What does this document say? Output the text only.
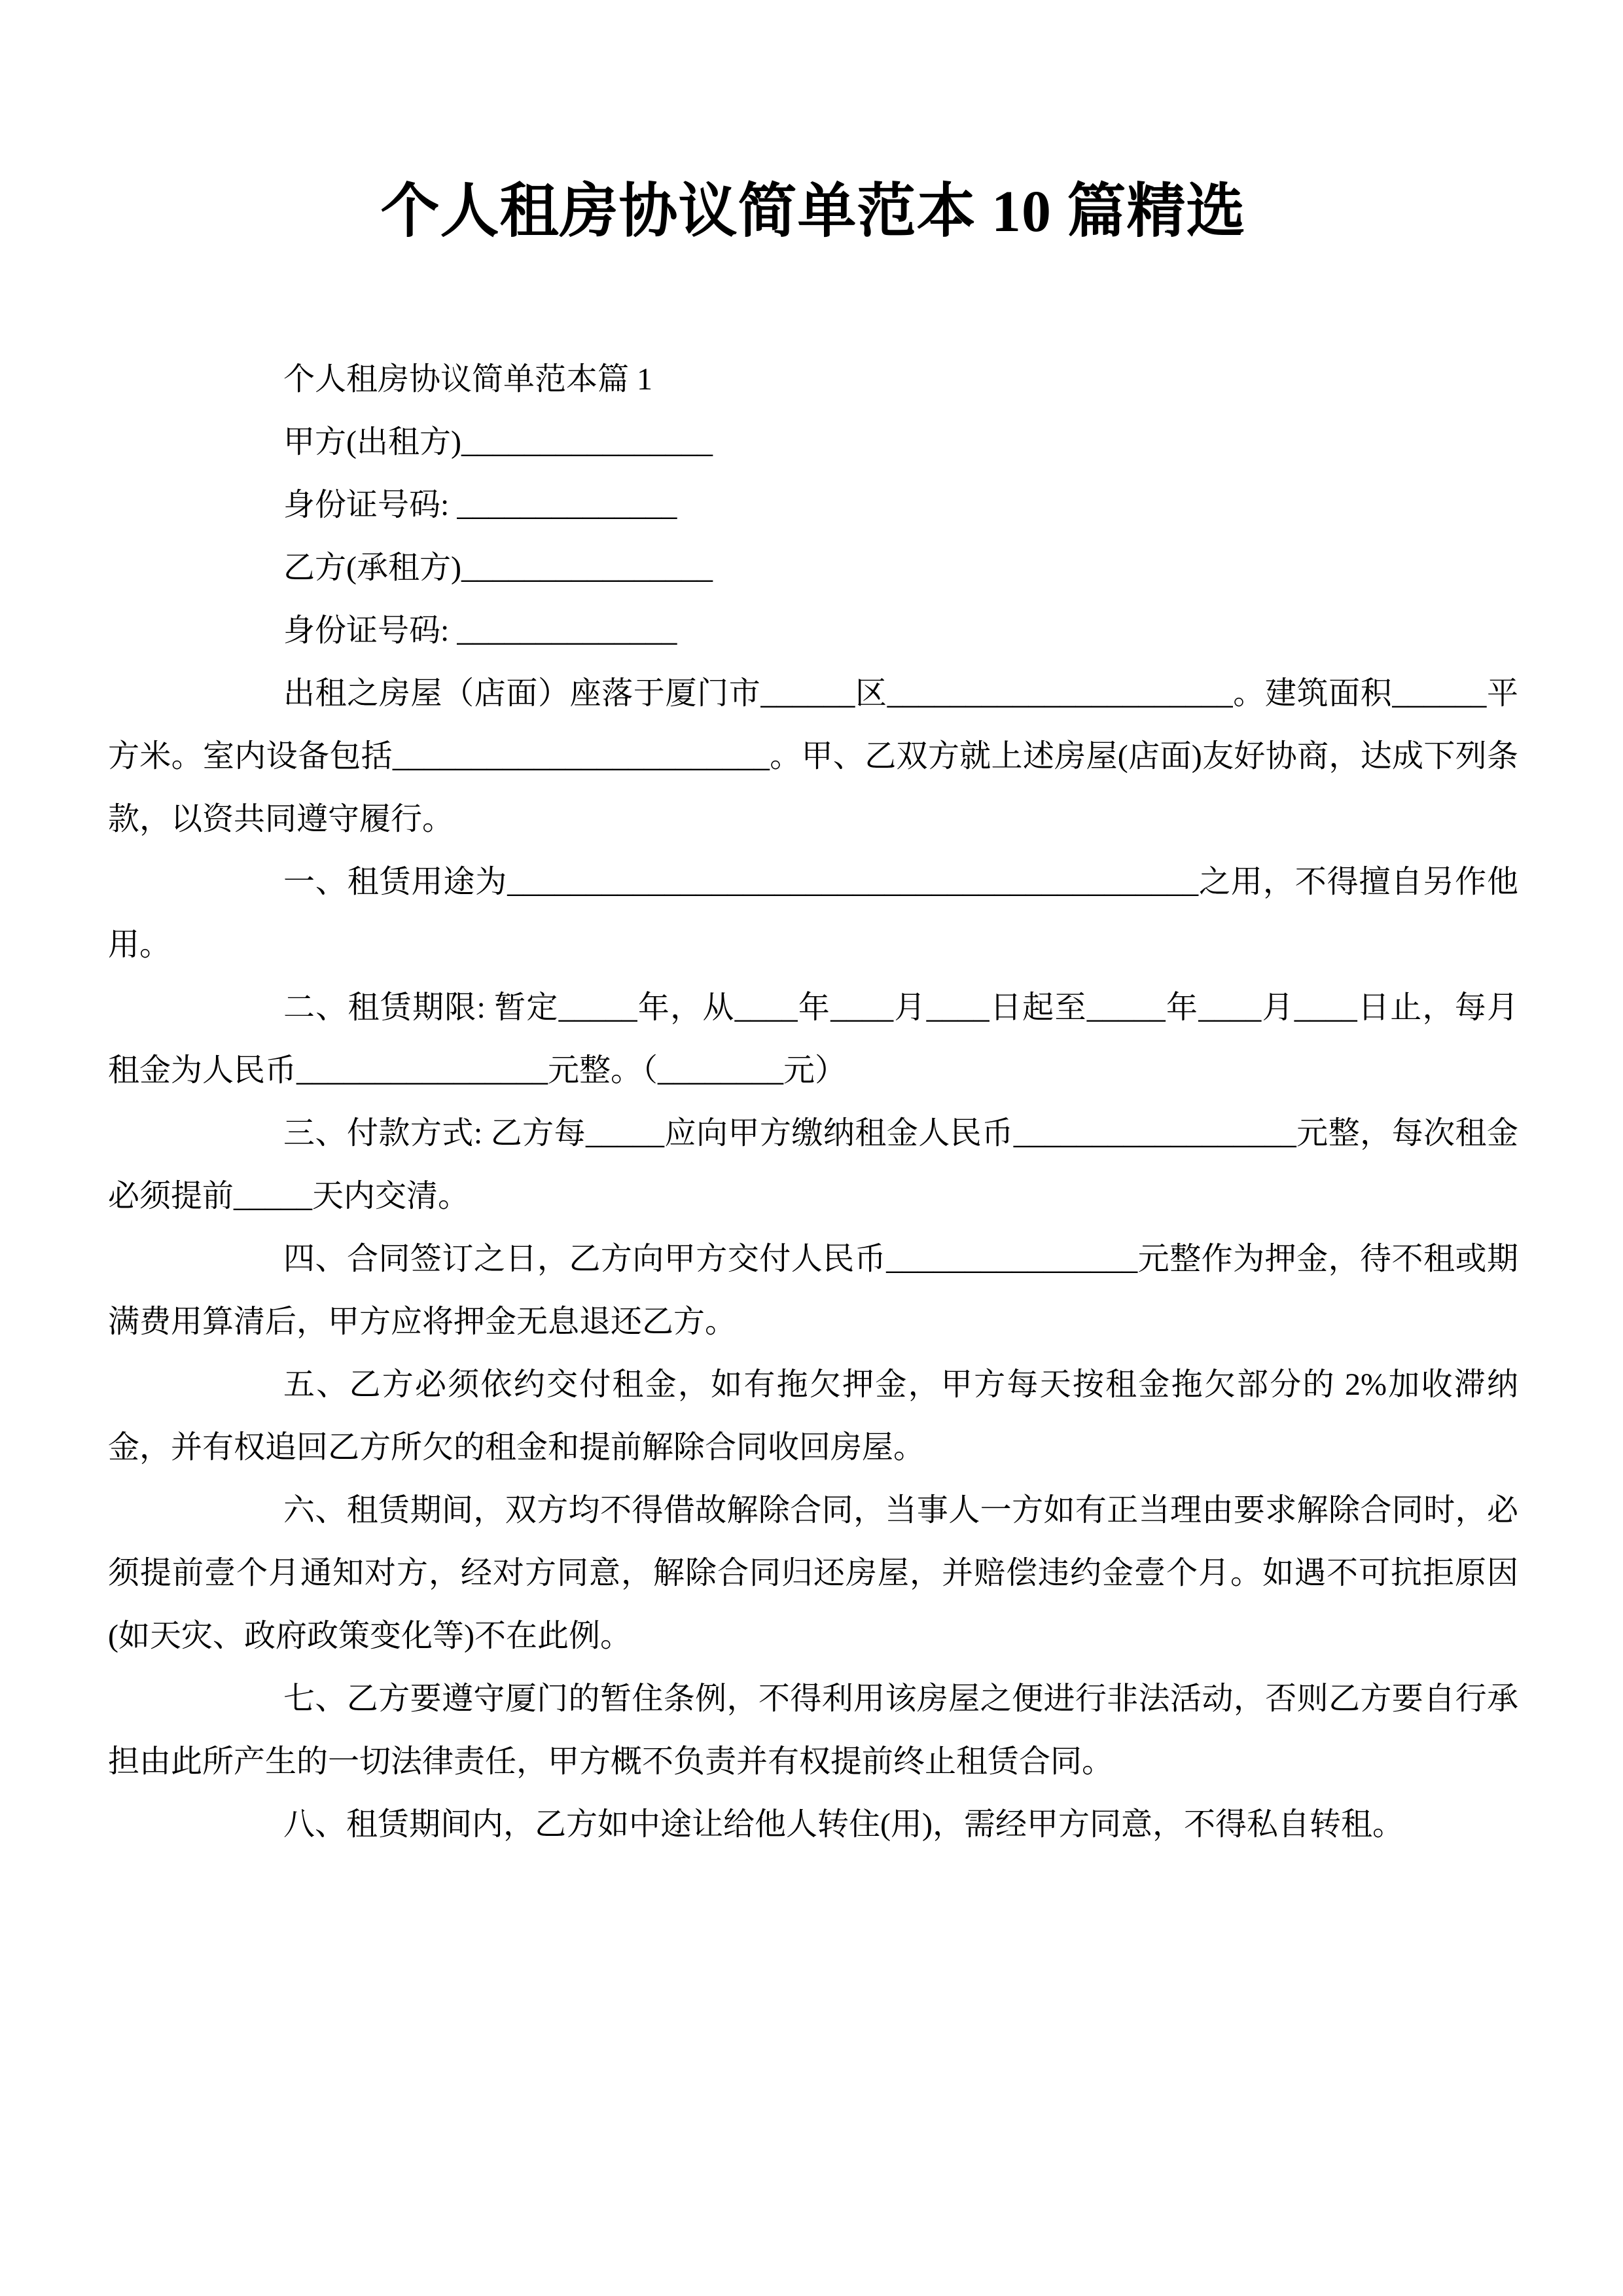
个人租房协议简单范本 10 篇精选

个人租房协议简单范本篇 1

甲方(出租方)________________

身份证号码: ______________

乙方(承租方)________________

身份证号码: ______________

出租之房屋（店面）座落于厦门市______区______________________。建筑面积______平方米。室内设备包括________________________。甲、乙双方就上述房屋(店面)友好协商，达成下列条款，以资共同遵守履行。

一、租赁用途为____________________________________________之用，不得擅自另作他用。

二、租赁期限: 暂定_____年，从____年____月____日起至_____年____月____日止，每月租金为人民币________________元整。（________元）

三、付款方式: 乙方每_____应向甲方缴纳租金人民币__________________元整，每次租金必须提前_____天内交清。

四、合同签订之日，乙方向甲方交付人民币________________元整作为押金，待不租或期满费用算清后，甲方应将押金无息退还乙方。

五、乙方必须依约交付租金，如有拖欠押金，甲方每天按租金拖欠部分的 2%加收滞纳金，并有权追回乙方所欠的租金和提前解除合同收回房屋。

六、租赁期间，双方均不得借故解除合同，当事人一方如有正当理由要求解除合同时，必须提前壹个月通知对方，经对方同意，解除合同归还房屋，并赔偿违约金壹个月。如遇不可抗拒原因(如天灾、政府政策变化等)不在此例。

七、乙方要遵守厦门的暂住条例，不得利用该房屋之便进行非法活动，否则乙方要自行承担由此所产生的一切法律责任，甲方概不负责并有权提前终止租赁合同。

八、租赁期间内，乙方如中途让给他人转住(用)，需经甲方同意，不得私自转租。
